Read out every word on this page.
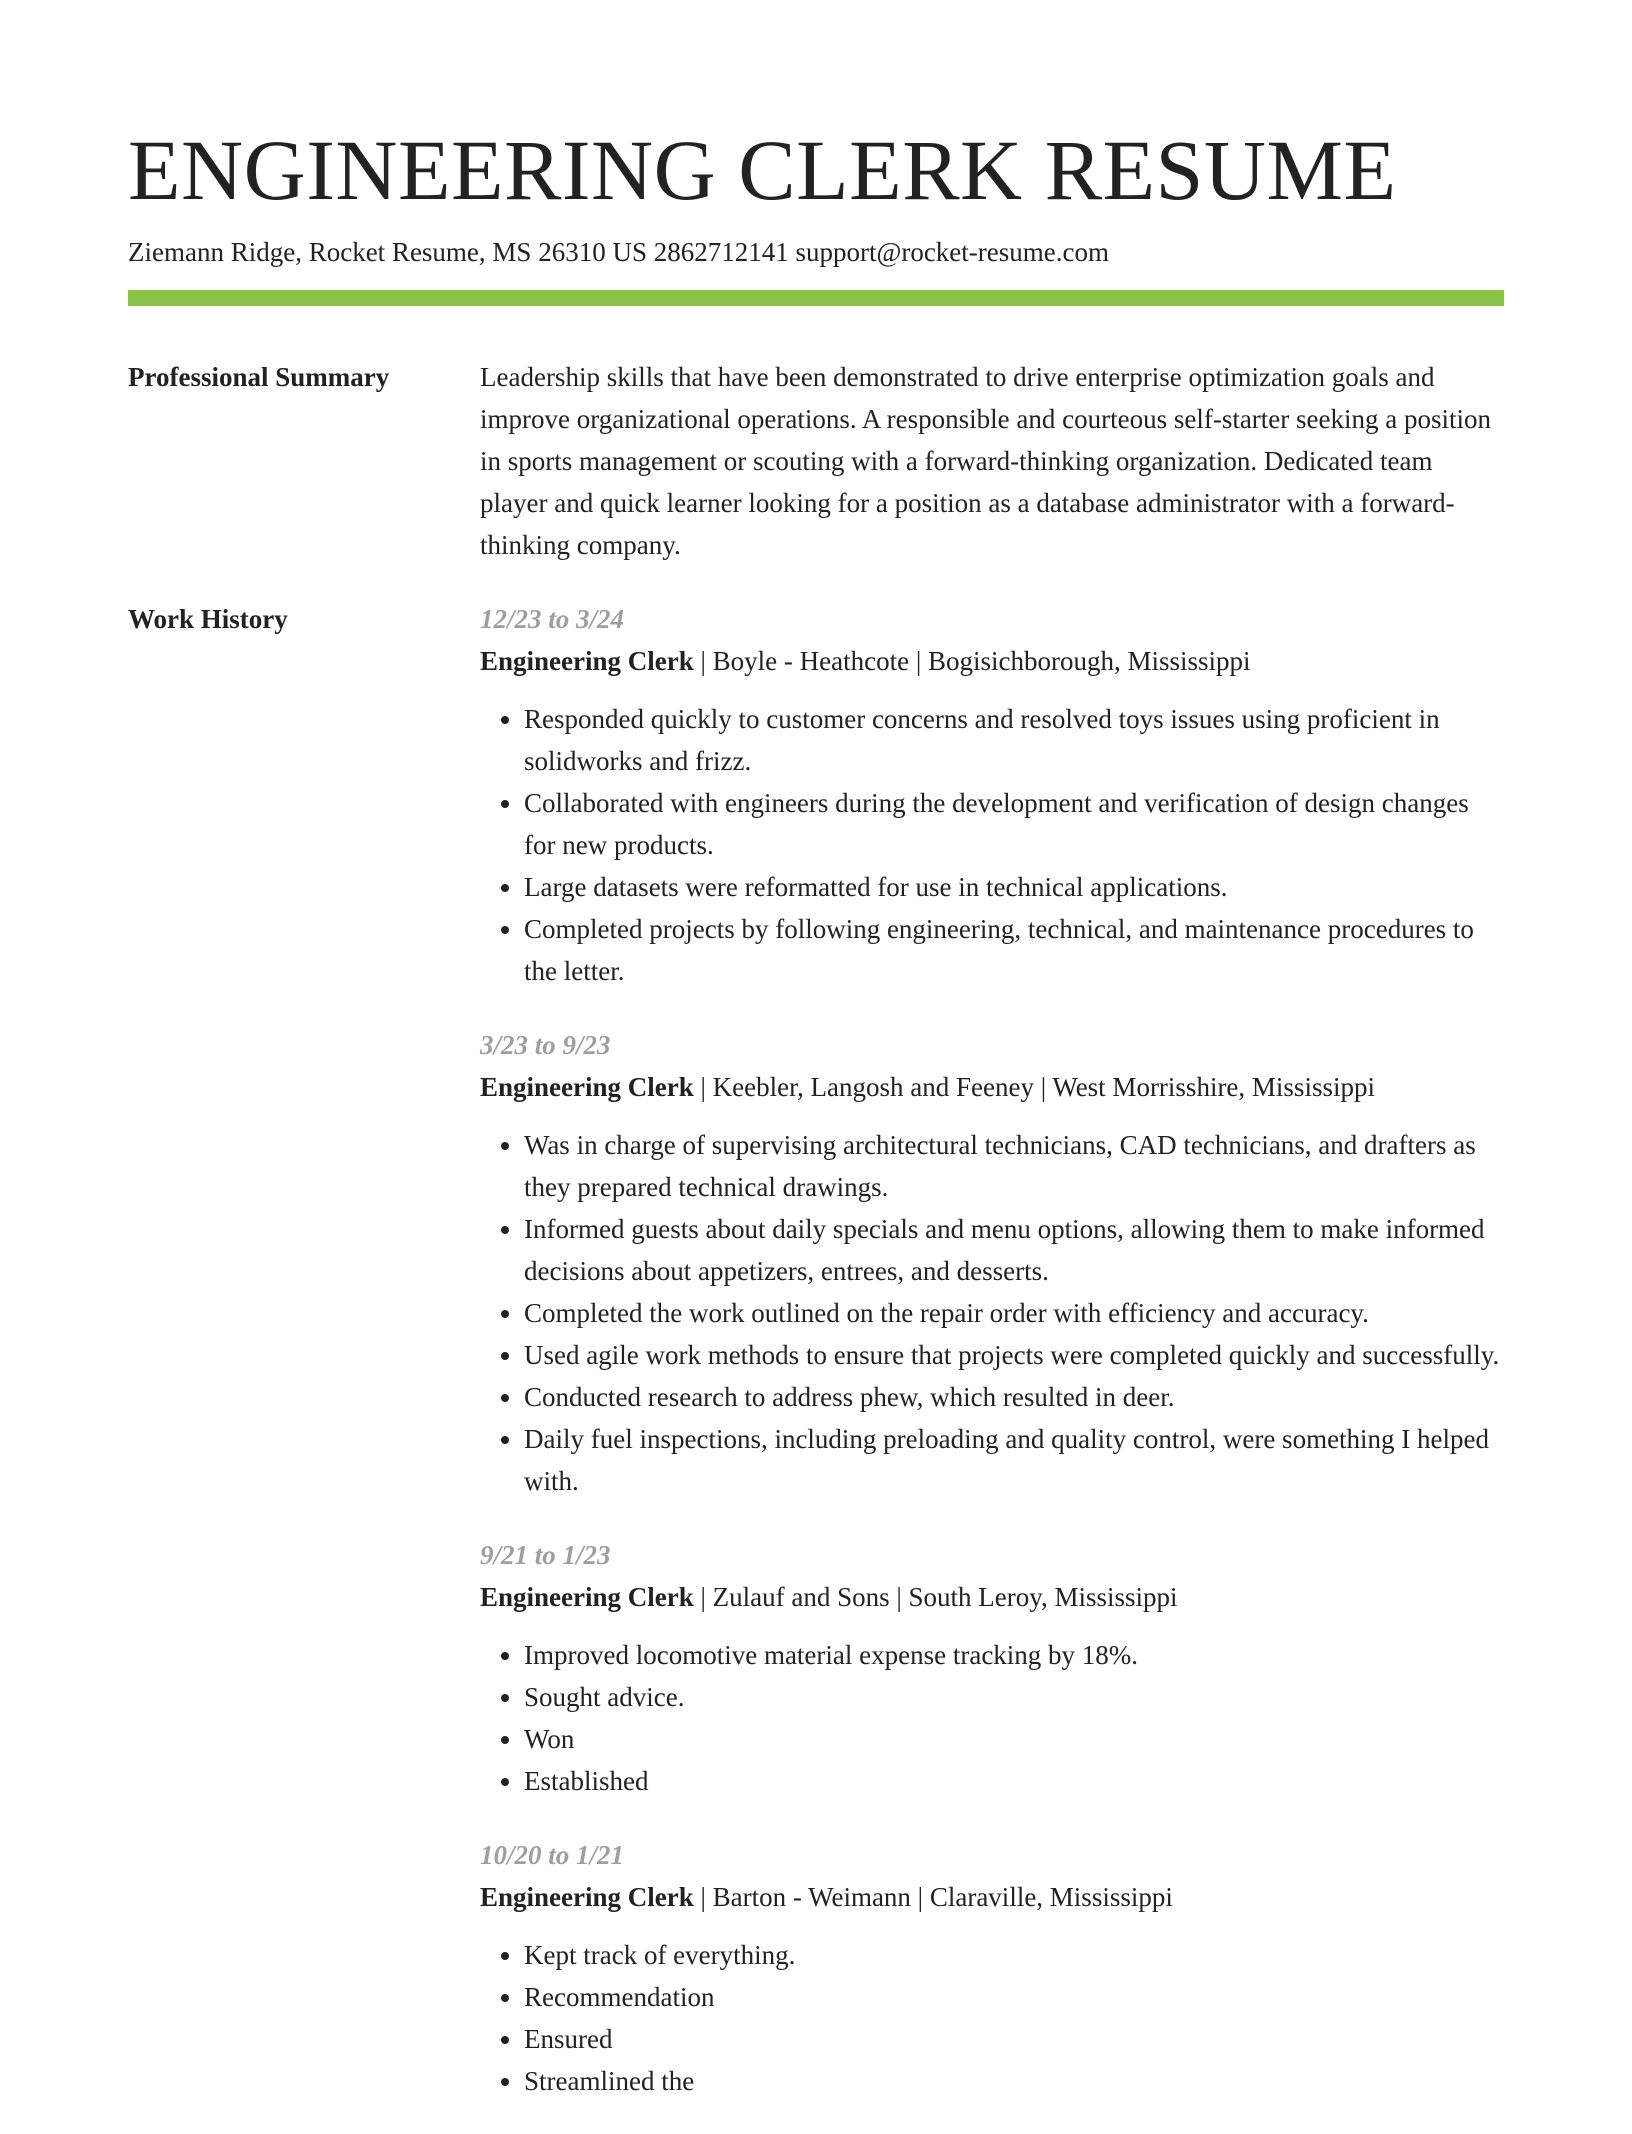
ENGINEERING CLERK RESUME
Ziemann Ridge, Rocket Resume, MS 26310 US 2862712141 support@rocket-resume.com
Professional Summary	Leadership skills that have been demonstrated to drive enterprise optimization goals and improve organizational operations. A responsible and courteous self-starter seeking a position in sports management or scouting with a forward-thinking organization. Dedicated team player and quick learner looking for a position as a database administrator with a forward-thinking company.

Work History	12/23 to 3/24
Engineering Clerk | Boyle - Heathcote | Bogisichborough, Mississippi
• Responded quickly to customer concerns and resolved toys issues using proficient in solidworks and frizz.
• Collaborated with engineers during the development and verification of design changes for new products.
• Large datasets were reformatted for use in technical applications.
• Completed projects by following engineering, technical, and maintenance procedures to the letter.
3/23 to 9/23
Engineering Clerk | Keebler, Langosh and Feeney | West Morrisshire, Mississippi
• Was in charge of supervising architectural technicians, CAD technicians, and drafters as they prepared technical drawings.
• Informed guests about daily specials and menu options, allowing them to make informed decisions about appetizers, entrees, and desserts.
• Completed the work outlined on the repair order with efficiency and accuracy.
• Used agile work methods to ensure that projects were completed quickly and successfully.
• Conducted research to address phew, which resulted in deer.
• Daily fuel inspections, including preloading and quality control, were something I helped with.
9/21 to 1/23
Engineering Clerk | Zulauf and Sons | South Leroy, Mississippi
• Improved locomotive material expense tracking by 18%.
• Sought advice.
• Won
• Established
10/20 to 1/21
Engineering Clerk | Barton - Weimann | Claraville, Mississippi
• Kept track of everything.
• Recommendation
• Ensured
• Streamlined the
